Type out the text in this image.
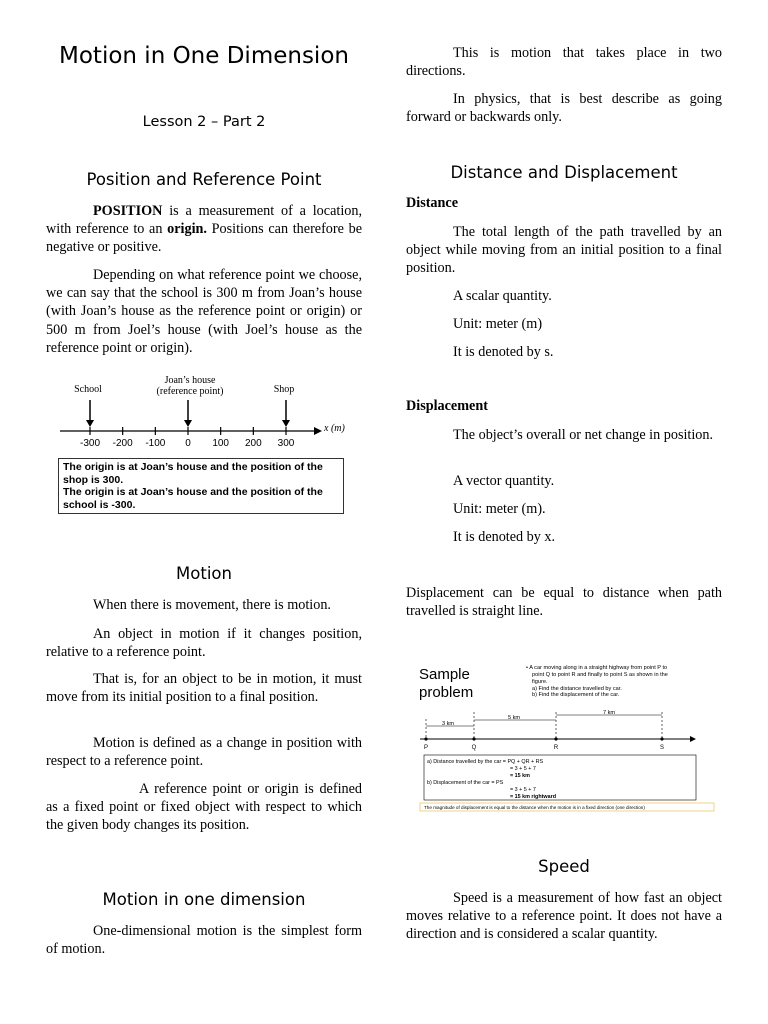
Motion in One Dimension
Lesson 2 – Part 2
Position and Reference Point

POSITION is a measurement of a location, with reference to an origin. Positions can therefore be negative or positive.

Depending on what reference point we choose, we can say that the school is 300 m from Joan’s house (with Joan’s house as the reference point or origin) or 500 m from Joel’s house (with Joel’s house as the reference point or origin).

School
Joan’s house
(reference point)	Shop
x (m)
-300 -200 -100 0 100 200 300
The origin is at Joan’s house and the position of the
shop is 300.
The origin is at Joan’s house and the position of the
school is -300.
Motion

When there is movement, there is motion.

An object in motion if it changes position, relative to a reference point.

That is, for an object to be in motion, it must move from its initial position to a final position.

Motion is defined as a change in position with respect to a reference point.

A reference point or origin is defined as a fixed point or fixed object with respect to which the given body changes its position.

Motion in one dimension

One-dimensional motion is the simplest form of motion.

This is motion that takes place in two directions.

In physics, that is best describe as going forward or backwards only.

Distance and Displacement
Distance

The total length of the path travelled by an object while moving from an initial position to a final position.

A scalar quantity.

Unit: meter (m)

It is denoted by s.

Displacement

The object’s overall or net change in position.

A vector quantity.

Unit: meter (m).

It is denoted by x.

Displacement can be equal to distance when path travelled is straight line.

Sample
problem
• A car moving along in a straight highway from point P to
point Q to point R and finally to point S as shown in the
figure.
a) Find the distance travelled by car.
b) Find the displacement of the car.
3 km
5 km
7 km
P	Q	R	S
a) Distance travelled by the car = PQ + QR + RS
= 3 + 5 + 7
= 15 km
b) Displacement of the car = PS
= 3 + 5 + 7
= 15 km rightward
The magnitude of displacement is equal to the distance when the motion is in a fixed direction (one direction)
Speed

Speed is a measurement of how fast an object moves relative to a reference point. It does not have a direction and is considered a scalar quantity.
